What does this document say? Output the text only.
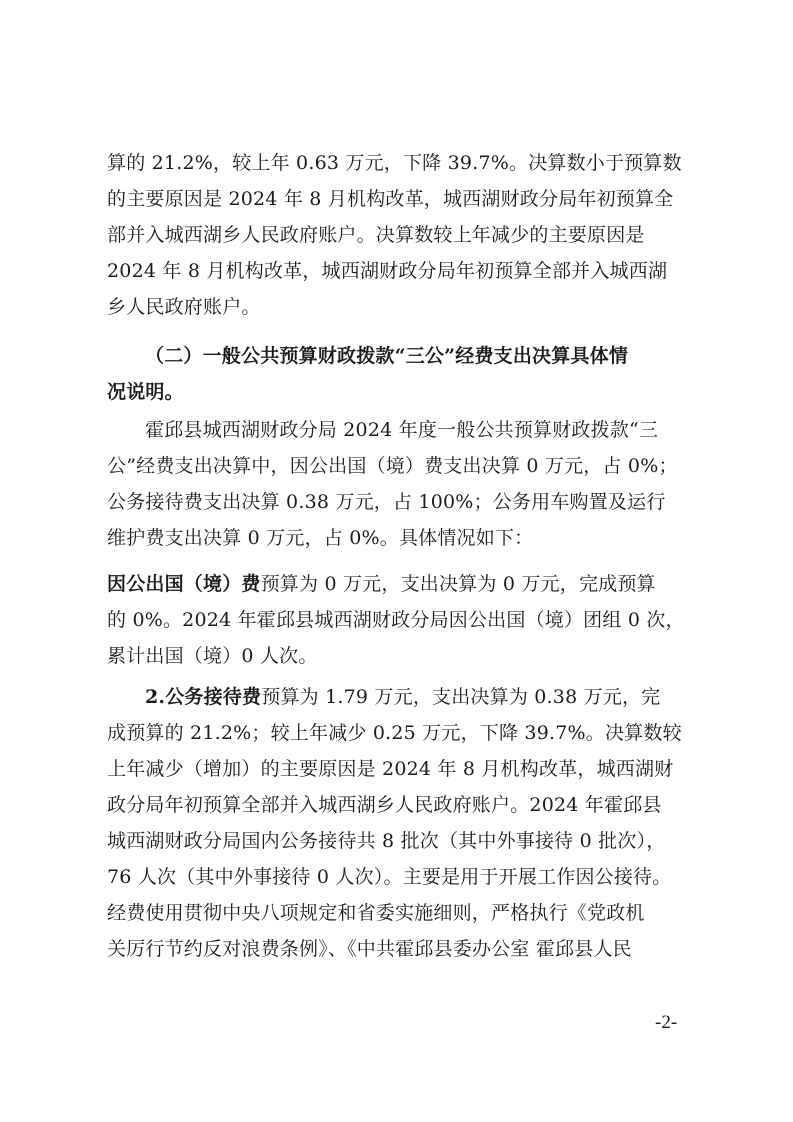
算的 21.2%，较上年 0.63 万元，下降 39.7%。决算数小于预算数
的主要原因是 2024 年 8 月机构改革，城西湖财政分局年初预算全
部并入城西湖乡人民政府账户。决算数较上年减少的主要原因是
2024 年 8 月机构改革，城西湖财政分局年初预算全部并入城西湖
乡人民政府账户。
（二）一般公共预算财政拨款“三公”经费支出决算具体情
况说明。
霍邱县城西湖财政分局 2024 年度一般公共预算财政拨款“三
公”经费支出决算中，因公出国（境）费支出决算 0 万元，占 0%；
公务接待费支出决算 0.38 万元，占 100%；公务用车购置及运行
维护费支出决算 0 万元，占 0%。具体情况如下：
因公出国（境）费预算为 0 万元，支出决算为 0 万元，完成预算
的 0%。2024 年霍邱县城西湖财政分局因公出国（境）团组 0 次，
累计出国（境）0 人次。
2.公务接待费预算为 1.79 万元，支出决算为 0.38 万元，完
成预算的 21.2%；较上年减少 0.25 万元，下降 39.7%。决算数较
上年减少（增加）的主要原因是 2024 年 8 月机构改革，城西湖财
政分局年初预算全部并入城西湖乡人民政府账户。2024 年霍邱县
城西湖财政分局国内公务接待共 8 批次（其中外事接待 0 批次），
76 人次（其中外事接待 0 人次）。主要是用于开展工作因公接待。
经费使用贯彻中央八项规定和省委实施细则，严格执行《党政机
关厉行节约反对浪费条例》、《中共霍邱县委办公室 霍邱县人民
-2-
